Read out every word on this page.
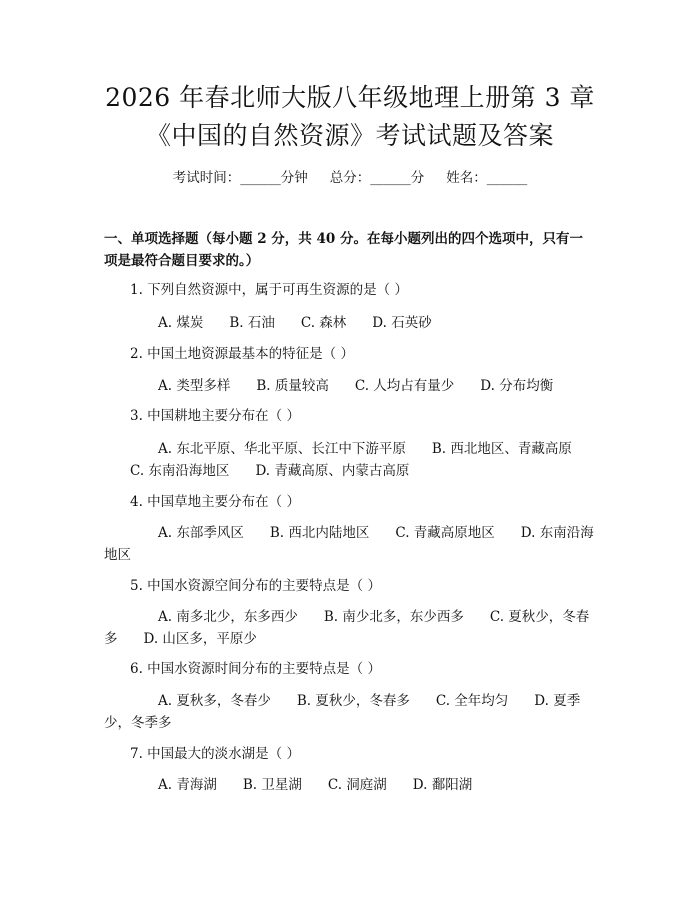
2026 年春北师大版八年级地理上册第 3 章
《中国的自然资源》考试试题及答案
考试时间：______分钟 总分：______分 姓名：______
一、单项选择题（每小题 2 分，共 40 分。在每小题列出的四个选项中，只有一项是最符合题目要求的。）
1. 下列自然资源中，属于可再生资源的是（ ）
A. 煤炭 B. 石油 C. 森林 D. 石英砂
2. 中国土地资源最基本的特征是（ ）
A. 类型多样 B. 质量较高 C. 人均占有量少 D. 分布均衡
3. 中国耕地主要分布在（ ）
A. 东北平原、华北平原、长江中下游平原 B. 西北地区、青藏高原C. 东南沿海地区 D. 青藏高原、内蒙古高原
4. 中国草地主要分布在（ ）
A. 东部季风区 B. 西北内陆地区 C. 青藏高原地区 D. 东南沿海地区
5. 中国水资源空间分布的主要特点是（ ）
A. 南多北少，东多西少 B. 南少北多，东少西多 C. 夏秋少，冬春多 D. 山区多，平原少
6. 中国水资源时间分布的主要特点是（ ）
A. 夏秋多，冬春少 B. 夏秋少，冬春多 C. 全年均匀 D. 夏季少，冬季多
7. 中国最大的淡水湖是（ ）
A. 青海湖 B. 卫星湖 C. 洞庭湖 D. 鄱阳湖
